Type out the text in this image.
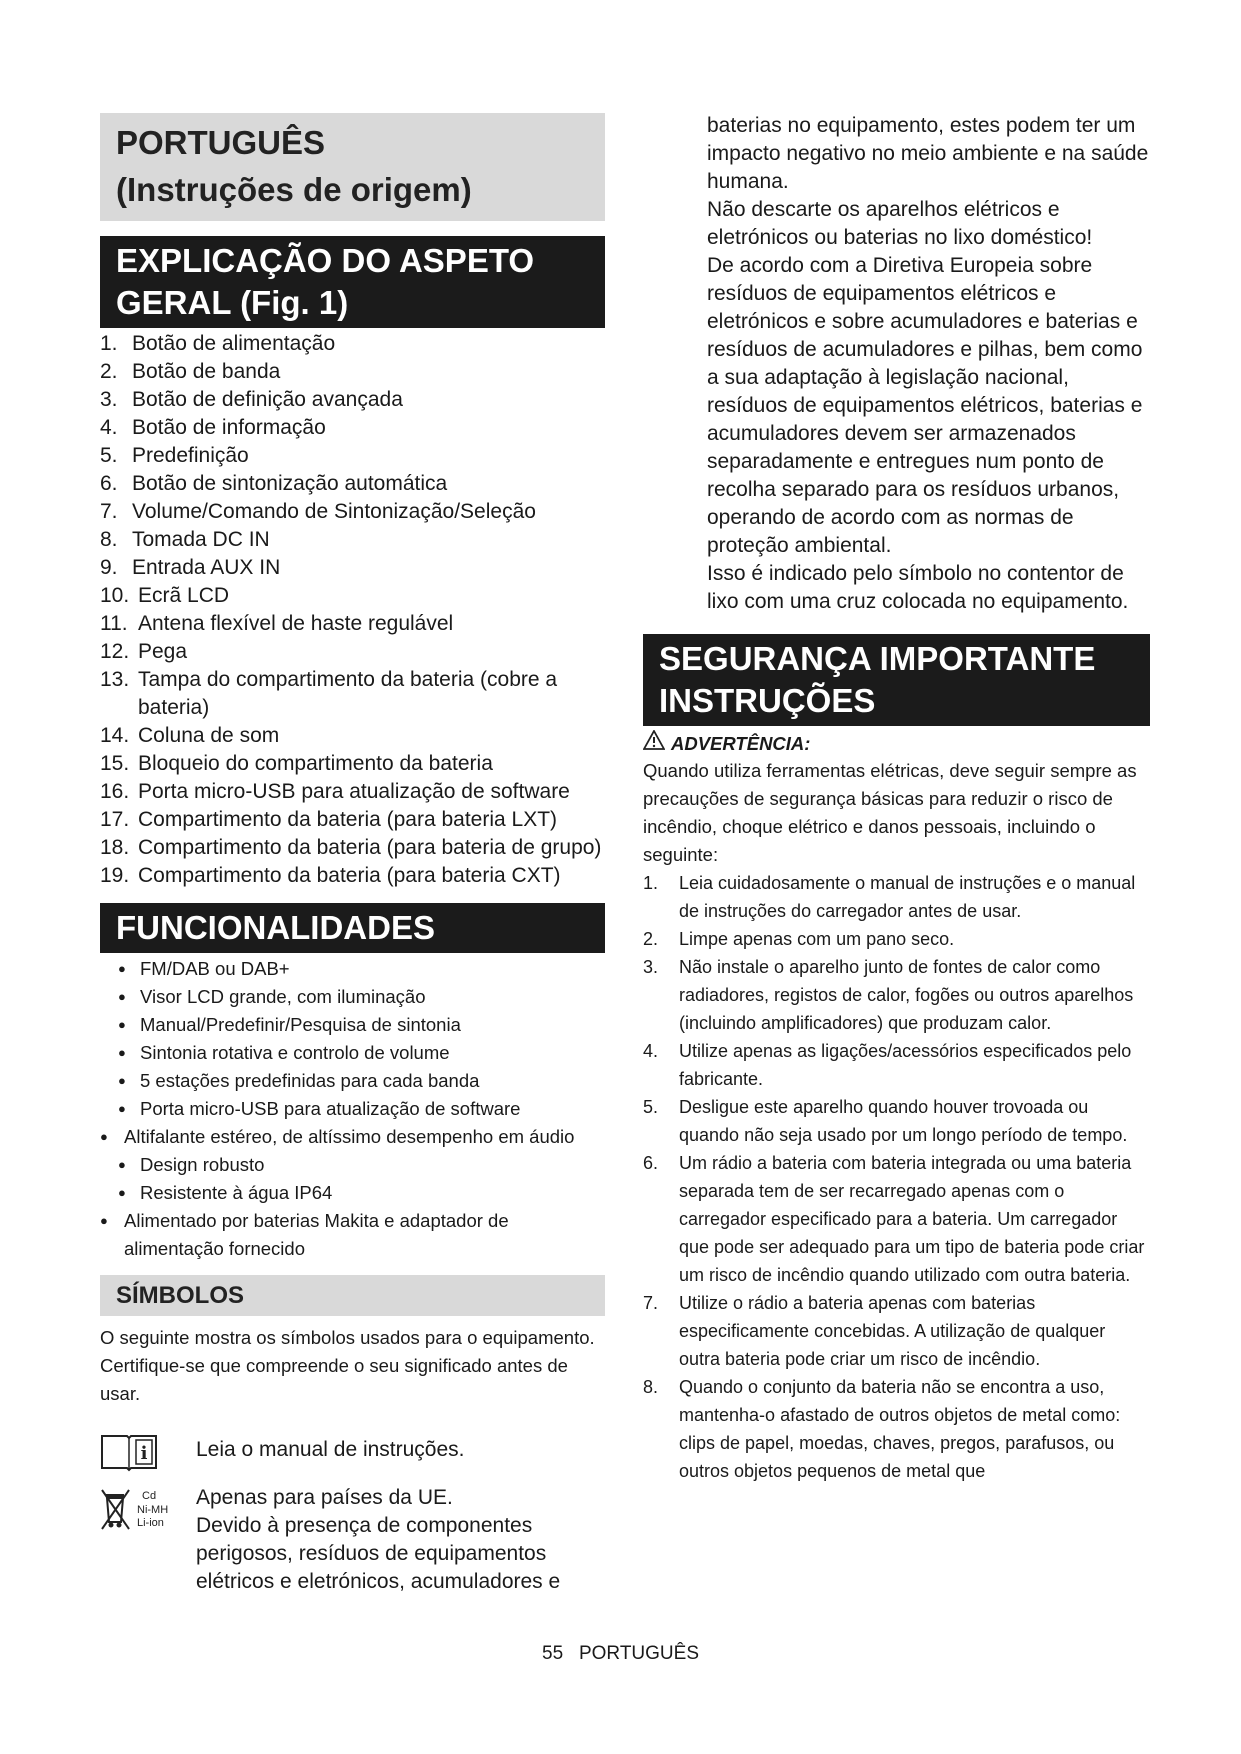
PORTUGUÊS
(Instruções de origem)
EXPLICAÇÃO DO ASPETO
GERAL (Fig. 1)
1. Botão de alimentação
2. Botão de banda
3. Botão de definição avançada
4. Botão de informação
5. Predefinição
6. Botão de sintonização automática
7. Volume/Comando de Sintonização/Seleção
8. Tomada DC IN
9. Entrada AUX IN
10. Ecrã LCD
11. Antena flexível de haste regulável
12. Pega
13. Tampa do compartimento da bateria (cobre a bateria)
14. Coluna de som
15. Bloqueio do compartimento da bateria
16. Porta micro-USB para atualização de software
17. Compartimento da bateria (para bateria LXT)
18. Compartimento da bateria (para bateria de grupo)
19. Compartimento da bateria (para bateria CXT)
FUNCIONALIDADES
● FM/DAB ou DAB+
● Visor LCD grande, com iluminação
● Manual/Predefinir/Pesquisa de sintonia
● Sintonia rotativa e controlo de volume
● 5 estações predefinidas para cada banda
● Porta micro-USB para atualização de software
● Altifalante estéreo, de altíssimo desempenho em áudio
● Design robusto
● Resistente à água IP64
● Alimentado por baterias Makita e adaptador de alimentação fornecido
SÍMBOLOS

O seguinte mostra os símbolos usados para o equipamento. Certifique-se que compreende o seu significado antes de usar.

i Leia o manual de instruções.

Cd
Ni-MH
Li-ion

Apenas para países da UE.

Devido à presença de componentes perigosos, resíduos de equipamentos elétricos e eletrónicos, acumuladores e

baterias no equipamento, estes podem ter um impacto negativo no meio ambiente e na saúde humana.

Não descarte os aparelhos elétricos e eletrónicos ou baterias no lixo doméstico!

De acordo com a Diretiva Europeia sobre resíduos de equipamentos elétricos e eletrónicos e sobre acumuladores e baterias e resíduos de acumuladores e pilhas, bem como a sua adaptação à legislação nacional, resíduos de equipamentos elétricos, baterias e acumuladores devem ser armazenados separadamente e entregues num ponto de recolha separado para os resíduos urbanos, operando de acordo com as normas de proteção ambiental.

Isso é indicado pelo símbolo no contentor de lixo com uma cruz colocada no equipamento.

SEGURANÇA IMPORTANTE
INSTRUÇÕES
ADVERTÊNCIA:

Quando utiliza ferramentas elétricas, deve seguir sempre as precauções de segurança básicas para reduzir o risco de incêndio, choque elétrico e danos pessoais, incluindo o seguinte:

1. Leia cuidadosamente o manual de instruções e o manual de instruções do carregador antes de usar.
2. Limpe apenas com um pano seco.
3. Não instale o aparelho junto de fontes de calor como radiadores, registos de calor, fogões ou outros aparelhos (incluindo amplificadores) que produzam calor.
4. Utilize apenas as ligações/acessórios especificados pelo fabricante.
5. Desligue este aparelho quando houver trovoada ou quando não seja usado por um longo período de tempo.
6. Um rádio a bateria com bateria integrada ou uma bateria separada tem de ser recarregado apenas com o carregador especificado para a bateria. Um carregador que pode ser adequado para um tipo de bateria pode criar um risco de incêndio quando utilizado com outra bateria.
7. Utilize o rádio a bateria apenas com baterias especificamente concebidas. A utilização de qualquer outra bateria pode criar um risco de incêndio.
8. Quando o conjunto da bateria não se encontra a uso, mantenha-o afastado de outros objetos de metal como: clips de papel, moedas, chaves, pregos, parafusos, ou outros objetos pequenos de metal que
55 PORTUGUÊS
